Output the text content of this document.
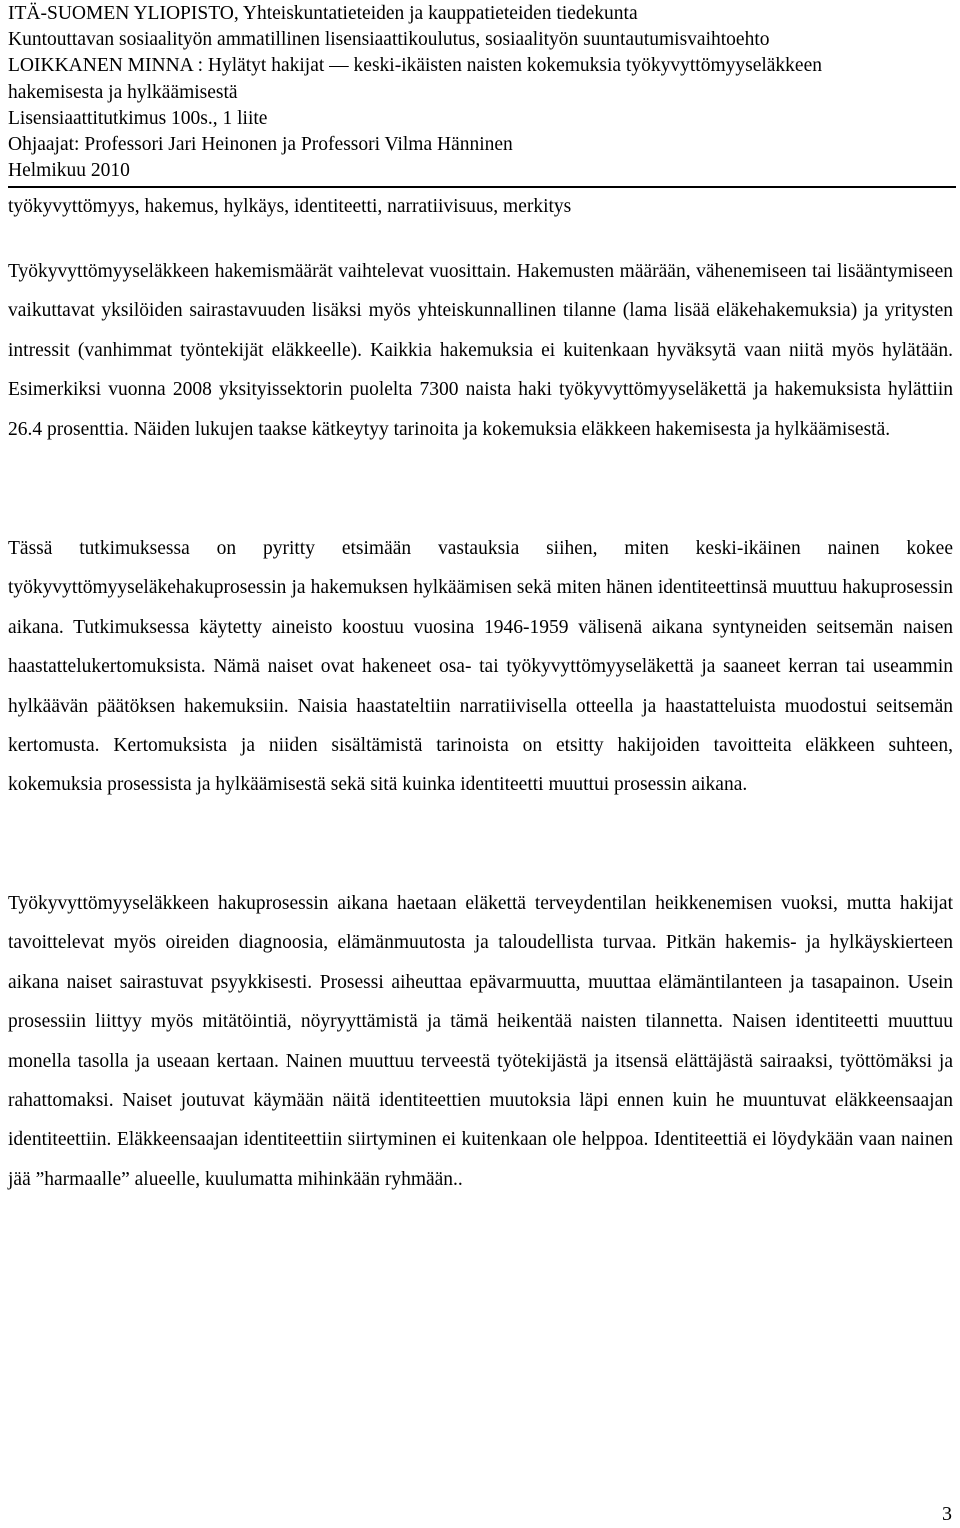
ITÄ-SUOMEN YLIOPISTO, Yhteiskuntatieteiden ja kauppatieteiden tiedekunta
Kuntouttavan sosiaalityön ammatillinen lisensiaattikoulutus, sosiaalityön suuntautumisvaihtoehto
LOIKKANEN MINNA : Hylätyt hakijat ― keski-ikäisten naisten kokemuksia työkyvyttömyyseläkkeen
hakemisesta ja hylkäämisestä
Lisensiaattitutkimus 100s., 1 liite
Ohjaajat: Professori Jari Heinonen ja Professori Vilma Hänninen
Helmikuu 2010
työkyvyttömyys, hakemus, hylkäys, identiteetti, narratiivisuus, merkitys

Työkyvyttömyyseläkkeen hakemismäärät vaihtelevat vuosittain. Hakemusten määrään, vähenemiseen tai lisääntymiseen vaikuttavat yksilöiden sairastavuuden lisäksi myös yhteiskunnallinen tilanne (lama lisää eläkehakemuksia) ja yritysten intressit (vanhimmat työntekijät eläkkeelle). Kaikkia hakemuksia ei kuitenkaan hyväksytä vaan niitä myös hylätään. Esimerkiksi vuonna 2008 yksityissektorin puolelta 7300 naista haki työkyvyttömyyseläkettä ja hakemuksista hylättiin 26.4 prosenttia. Näiden lukujen taakse kätkeytyy tarinoita ja kokemuksia eläkkeen hakemisesta ja hylkäämisestä.

Tässä tutkimuksessa on pyritty etsimään vastauksia siihen, miten keski-ikäinen nainen kokee työkyvyttömyyseläkehakuprosessin ja hakemuksen hylkäämisen sekä miten hänen identiteettinsä muuttuu hakuprosessin aikana. Tutkimuksessa käytetty aineisto koostuu vuosina 1946-1959 välisenä aikana syntyneiden seitsemän naisen haastattelukertomuksista. Nämä naiset ovat hakeneet osa- tai työkyvyttömyyseläkettä ja saaneet kerran tai useammin hylkäävän päätöksen hakemuksiin. Naisia haastateltiin narratiivisella otteella ja haastatteluista muodostui seitsemän kertomusta. Kertomuksista ja niiden sisältämistä tarinoista on etsitty hakijoiden tavoitteita eläkkeen suhteen, kokemuksia prosessista ja hylkäämisestä sekä sitä kuinka identiteetti muuttui prosessin aikana.

Työkyvyttömyyseläkkeen hakuprosessin aikana haetaan eläkettä terveydentilan heikkenemisen vuoksi, mutta hakijat tavoittelevat myös oireiden diagnoosia, elämänmuutosta ja taloudellista turvaa. Pitkän hakemis- ja hylkäyskierteen aikana naiset sairastuvat psyykkisesti. Prosessi aiheuttaa epävarmuutta, muuttaa elämäntilanteen ja tasapainon. Usein prosessiin liittyy myös mitätöintiä, nöyryyttämistä ja tämä heikentää naisten tilannetta. Naisen identiteetti muuttuu monella tasolla ja useaan kertaan. Nainen muuttuu terveestä työtekijästä ja itsensä elättäjästä sairaaksi, työttömäksi ja rahattomaksi. Naiset joutuvat käymään näitä identiteettien muutoksia läpi ennen kuin he muuntuvat eläkkeensaajan identiteettiin. Eläkkeensaajan identiteettiin siirtyminen ei kuitenkaan ole helppoa. Identiteettiä ei löydykään vaan nainen jää ”harmaalle” alueelle, kuulumatta mihinkään ryhmään..

3
